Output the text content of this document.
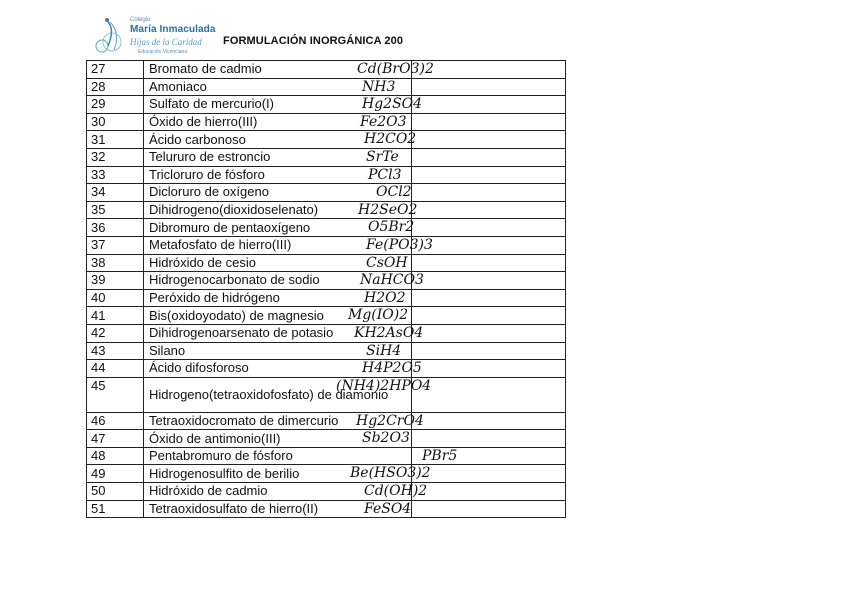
Colegio
María Inmaculada
Hijas de la Caridad
Educación Vicenciana
FORMULACIÓN INORGÁNICA 200
27	Bromato de cadmio	Cd(BrO3)2

28	Amoniaco	NH3

29	Sulfato de mercurio(I)	Hg2SO4

30	Óxido de hierro(III)	Fe2O3

31	Ácido carbonoso	H2CO2

32	Telururo de estroncio	SrTe

33	Tricloruro de fósforo	PCl3

34	Dicloruro de oxígeno	OCl2

35	Dihidrogeno(dioxidoselenato)	H2SeO2

36	Dibromuro de pentaoxígeno	O5Br2

37	Metafosfato de hierro(III)	Fe(PO3)3

38	Hidróxido de cesio	CsOH

39	Hidrogenocarbonato de sodio	NaHCO3

40	Peróxido de hidrógeno	H2O2

41	Bis(oxidoyodato) de magnesio	Mg(IO)2

42	Dihidrogenoarsenato de potasio	KH2AsO4

43	Silano	SiH4

44	Ácido difosforoso	H4P2O5

45	Hidrogeno(tetraoxidofosfato) de diamonio	(NH4)2HPO4

46	Tetraoxidocromato de dimercurio	Hg2CrO4

47	Óxido de antimonio(III)	Sb2O3

48	Pentabromuro de fósforo	PBr5

49	Hidrogenosulfito de berilio	Be(HSO3)2

50	Hidróxido de cadmio	Cd(OH)2

51	Tetraoxidosulfato de hierro(II)	FeSO4
